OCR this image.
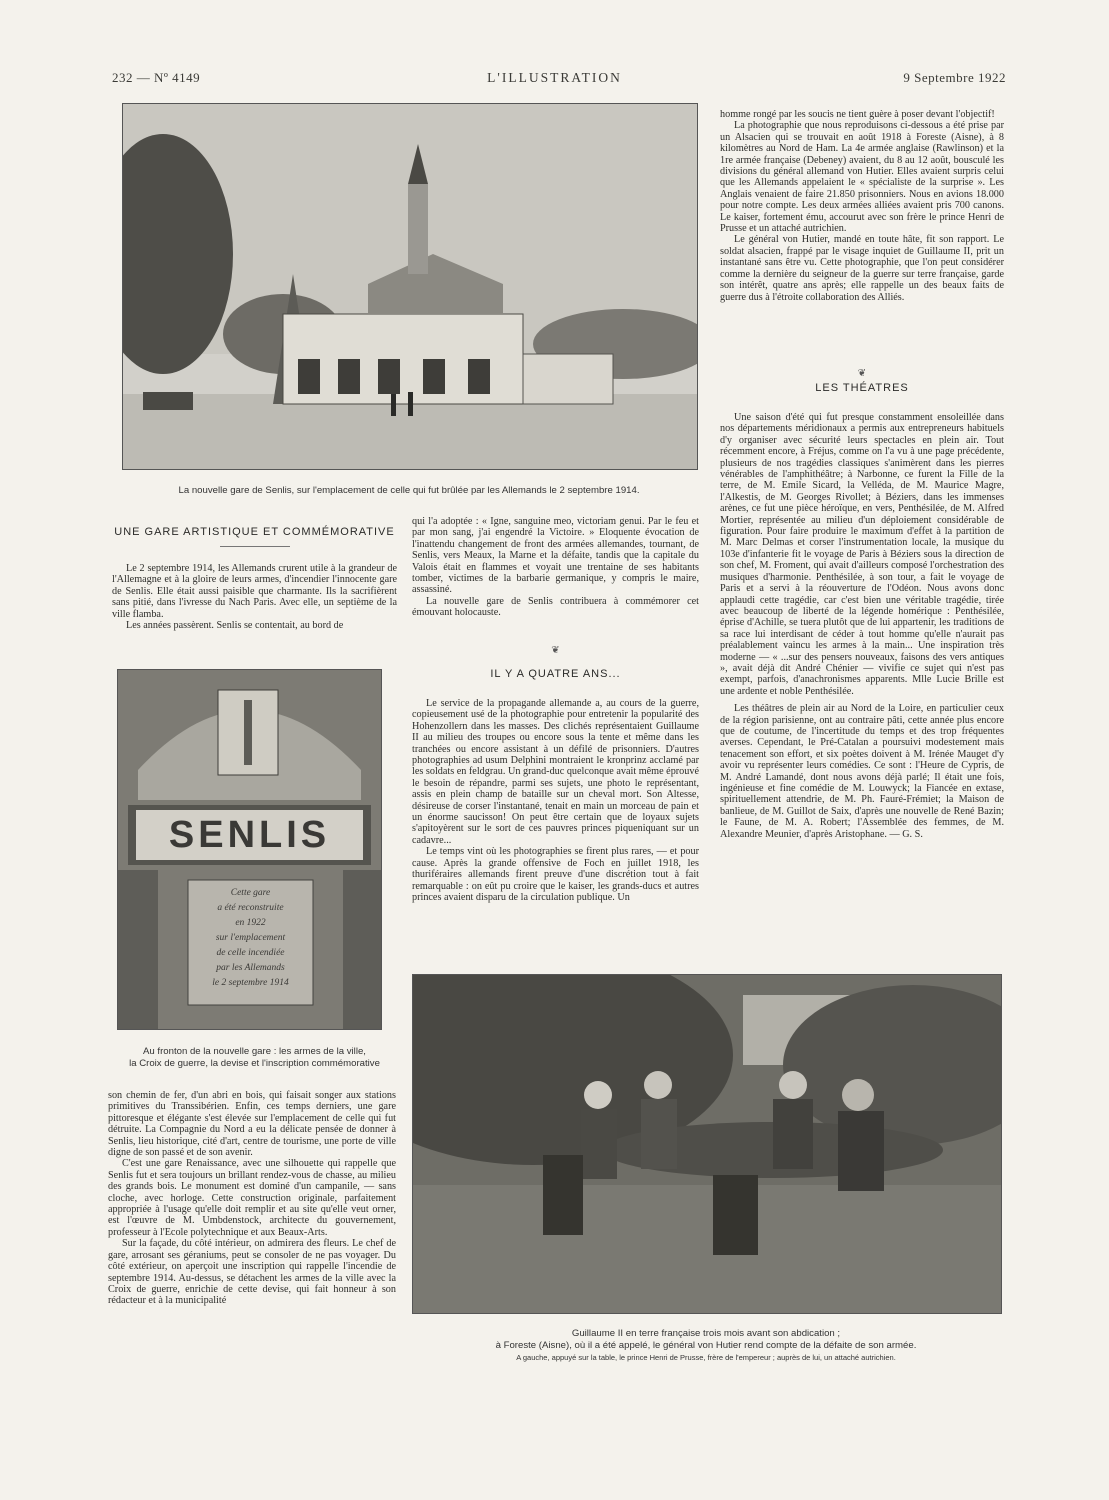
232 — Nº 4149	L'ILLUSTRATION	9 Septembre 1922
La nouvelle gare de Senlis, sur l'emplacement de celle qui fut brûlée par les Allemands le 2 septembre 1914.
UNE GARE ARTISTIQUE ET COMMÉMORATIVE

Le 2 septembre 1914, les Allemands crurent utile à la grandeur de l'Allemagne et à la gloire de leurs armes, d'incendier l'innocente gare de Senlis. Elle était aussi paisible que charmante. Ils la sacrifièrent sans pitié, dans l'ivresse du Nach Paris. Avec elle, un septième de la ville flamba.

Les années passèrent. Senlis se contentait, au bord de

SENLIS
Cette gare
a été reconstruite
en 1922
sur l'emplacement
de celle incendiée
par les Allemands
le 2 septembre 1914
Au fronton de la nouvelle gare : les armes de la ville,
la Croix de guerre, la devise et l'inscription commémorative

son chemin de fer, d'un abri en bois, qui faisait songer aux stations primitives du Transsibérien. Enfin, ces temps derniers, une gare pittoresque et élégante s'est élevée sur l'emplacement de celle qui fut détruite. La Compagnie du Nord a eu la délicate pensée de donner à Senlis, lieu historique, cité d'art, centre de tourisme, une porte de ville digne de son passé et de son avenir.

C'est une gare Renaissance, avec une silhouette qui rappelle que Senlis fut et sera toujours un brillant rendez-vous de chasse, au milieu des grands bois. Le monument est dominé d'un campanile, — sans cloche, avec horloge. Cette construction originale, parfaitement appropriée à l'usage qu'elle doit remplir et au site qu'elle veut orner, est l'œuvre de M. Umbdenstock, architecte du gouvernement, professeur à l'Ecole polytechnique et aux Beaux-Arts.

Sur la façade, du côté intérieur, on admirera des fleurs. Le chef de gare, arrosant ses géraniums, peut se consoler de ne pas voyager. Du côté extérieur, on aperçoit une inscription qui rappelle l'incendie de septembre 1914. Au-dessus, se détachent les armes de la ville avec la Croix de guerre, enrichie de cette devise, qui fait honneur à son rédacteur et à la municipalité

qui l'a adoptée : « Igne, sanguine meo, victoriam genui. Par le feu et par mon sang, j'ai engendré la Victoire. » Eloquente évocation de l'inattendu changement de front des armées allemandes, tournant, de Senlis, vers Meaux, la Marne et la défaite, tandis que la capitale du Valois était en flammes et voyait une trentaine de ses habitants tomber, victimes de la barbarie germanique, y compris le maire, assassiné.

La nouvelle gare de Senlis contribuera à commémorer cet émouvant holocauste.

❦
IL Y A QUATRE ANS...

Le service de la propagande allemande a, au cours de la guerre, copieusement usé de la photographie pour entretenir la popularité des Hohenzollern dans les masses. Des clichés représentaient Guillaume II au milieu des troupes ou encore sous la tente et même dans les tranchées ou encore assistant à un défilé de prisonniers. D'autres photographies ad usum Delphini montraient le kronprinz acclamé par les soldats en feldgrau. Un grand-duc quelconque avait même éprouvé le besoin de répandre, parmi ses sujets, une photo le représentant, assis en plein champ de bataille sur un cheval mort. Son Altesse, désireuse de corser l'instantané, tenait en main un morceau de pain et un énorme saucisson! On peut être certain que de loyaux sujets s'apitoyèrent sur le sort de ces pauvres princes piqueniquant sur un cadavre...

Le temps vint où les photographies se firent plus rares, — et pour cause. Après la grande offensive de Foch en juillet 1918, les thuriféraires allemands firent preuve d'une discrétion tout à fait remarquable : on eût pu croire que le kaiser, les grands-ducs et autres princes avaient disparu de la circulation publique. Un

homme rongé par les soucis ne tient guère à poser devant l'objectif!

La photographie que nous reproduisons ci-dessous a été prise par un Alsacien qui se trouvait en août 1918 à Foreste (Aisne), à 8 kilomètres au Nord de Ham. La 4e armée anglaise (Rawlinson) et la 1re armée française (Debeney) avaient, du 8 au 12 août, bousculé les divisions du général allemand von Hutier. Elles avaient surpris celui que les Allemands appelaient le « spécialiste de la surprise ». Les Anglais venaient de faire 21.850 prisonniers. Nous en avions 18.000 pour notre compte. Les deux armées alliées avaient pris 700 canons. Le kaiser, fortement ému, accourut avec son frère le prince Henri de Prusse et un attaché autrichien.

Le général von Hutier, mandé en toute hâte, fit son rapport. Le soldat alsacien, frappé par le visage inquiet de Guillaume II, prit un instantané sans être vu. Cette photographie, que l'on peut considérer comme la dernière du seigneur de la guerre sur terre française, garde son intérêt, quatre ans après; elle rappelle un des beaux faits de guerre dus à l'étroite collaboration des Alliés.

❦
LES THÉATRES

Une saison d'été qui fut presque constamment ensoleillée dans nos départements méridionaux a permis aux entrepreneurs habituels d'y organiser avec sécurité leurs spectacles en plein air. Tout récemment encore, à Fréjus, comme on l'a vu à une page précédente, plusieurs de nos tragédies classiques s'animèrent dans les pierres vénérables de l'amphithéâtre; à Narbonne, ce furent la Fille de la terre, de M. Emile Sicard, la Velléda, de M. Maurice Magre, l'Alkestis, de M. Georges Rivollet; à Béziers, dans les immenses arènes, ce fut une pièce héroïque, en vers, Penthésilée, de M. Alfred Mortier, représentée au milieu d'un déploiement considérable de figuration. Pour faire produire le maximum d'effet à la partition de M. Marc Delmas et corser l'instrumentation locale, la musique du 103e d'infanterie fit le voyage de Paris à Béziers sous la direction de son chef, M. Froment, qui avait d'ailleurs composé l'orchestration des musiques d'harmonie. Penthésilée, à son tour, a fait le voyage de Paris et a servi à la réouverture de l'Odéon. Nous avons donc applaudi cette tragédie, car c'est bien une véritable tragédie, tirée avec beaucoup de liberté de la légende homérique : Penthésilée, éprise d'Achille, se tuera plutôt que de lui appartenir, les traditions de sa race lui interdisant de céder à tout homme qu'elle n'aurait pas préalablement vaincu les armes à la main... Une inspiration très moderne — « ...sur des pensers nouveaux, faisons des vers antiques », avait déjà dit André Chénier — vivifie ce sujet qui n'est pas exempt, parfois, d'anachronismes apparents. Mlle Lucie Brille est une ardente et noble Penthésilée.

Les théâtres de plein air au Nord de la Loire, en particulier ceux de la région parisienne, ont au contraire pâti, cette année plus encore que de coutume, de l'incertitude du temps et des trop fréquentes averses. Cependant, le Pré-Catalan a poursuivi modestement mais tenacement son effort, et six poètes doivent à M. Irénée Mauget d'y avoir vu représenter leurs comédies. Ce sont : l'Heure de Cypris, de M. André Lamandé, dont nous avons déjà parlé; Il était une fois, ingénieuse et fine comédie de M. Louwyck; la Fiancée en extase, spirituellement attendrie, de M. Ph. Fauré-Frémiet; la Maison de banlieue, de M. Guillot de Saix, d'après une nouvelle de René Bazin; le Faune, de M. A. Robert; l'Assemblée des femmes, de M. Alexandre Meunier, d'après Aristophane. — G. S.

Guillaume II en terre française trois mois avant son abdication ;
à Foreste (Aisne), où il a été appelé, le général von Hutier rend compte de la défaite de son armée.
A gauche, appuyé sur la table, le prince Henri de Prusse, frère de l'empereur ; auprès de lui, un attaché autrichien.
